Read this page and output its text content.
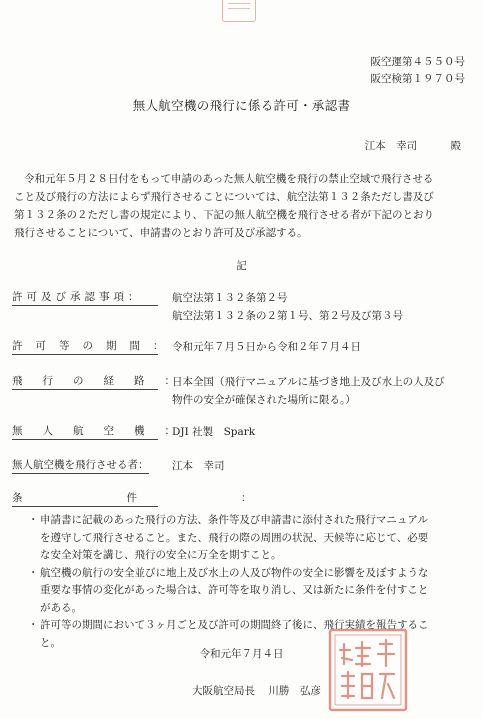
阪空運第４５５０号
阪空検第１９７０号
無人航空機の飛行に係る許可・承認書
江本　幸司	殿
令和元年５月２８日付をもって申請のあった無人航空機を飛行の禁止空域で飛行させる
こと及び飛行の方法によらず飛行させることについては、航空法第１３２条ただし書及び
第１３２条の２ただし書の規定により、下記の無人航空機を飛行させる者が下記のとおり
飛行させることについて、申請書のとおり許可及び承認する。
記
許可及び承認事項：	航空法第１３２条第２号
航空法第１３２条の２第１号、第２号及び第３号
許可等の期間：
令和元年７月５日から令和２年７月４日
飛行の経路：
日本全国（飛行マニュアルに基づき地上及び水上の人及び
物件の安全が確保された場所に限る。）
無人航空機：
DJI 社製　Spark
無人航空機を飛行させる者： 江本　幸司
条件：
・ 申請書に記載のあった飛行の方法、条件等及び申請書に添付された飛行マニュアル
を遵守して飛行させること。また、飛行の際の周囲の状況、天候等に応じて、必要
な安全対策を講じ、飛行の安全に万全を期すこと。
・ 航空機の航行の安全並びに地上及び水上の人及び物件の安全に影響を及ぼすような
重要な事情の変化があった場合は、許可等を取り消し、又は新たに条件を付すこと
がある。
・ 許可等の期間において３ヶ月ごと及び許可の期間終了後に、飛行実績を報告するこ
と。
令和元年７月４日
大阪航空局長 川勝　弘彦
